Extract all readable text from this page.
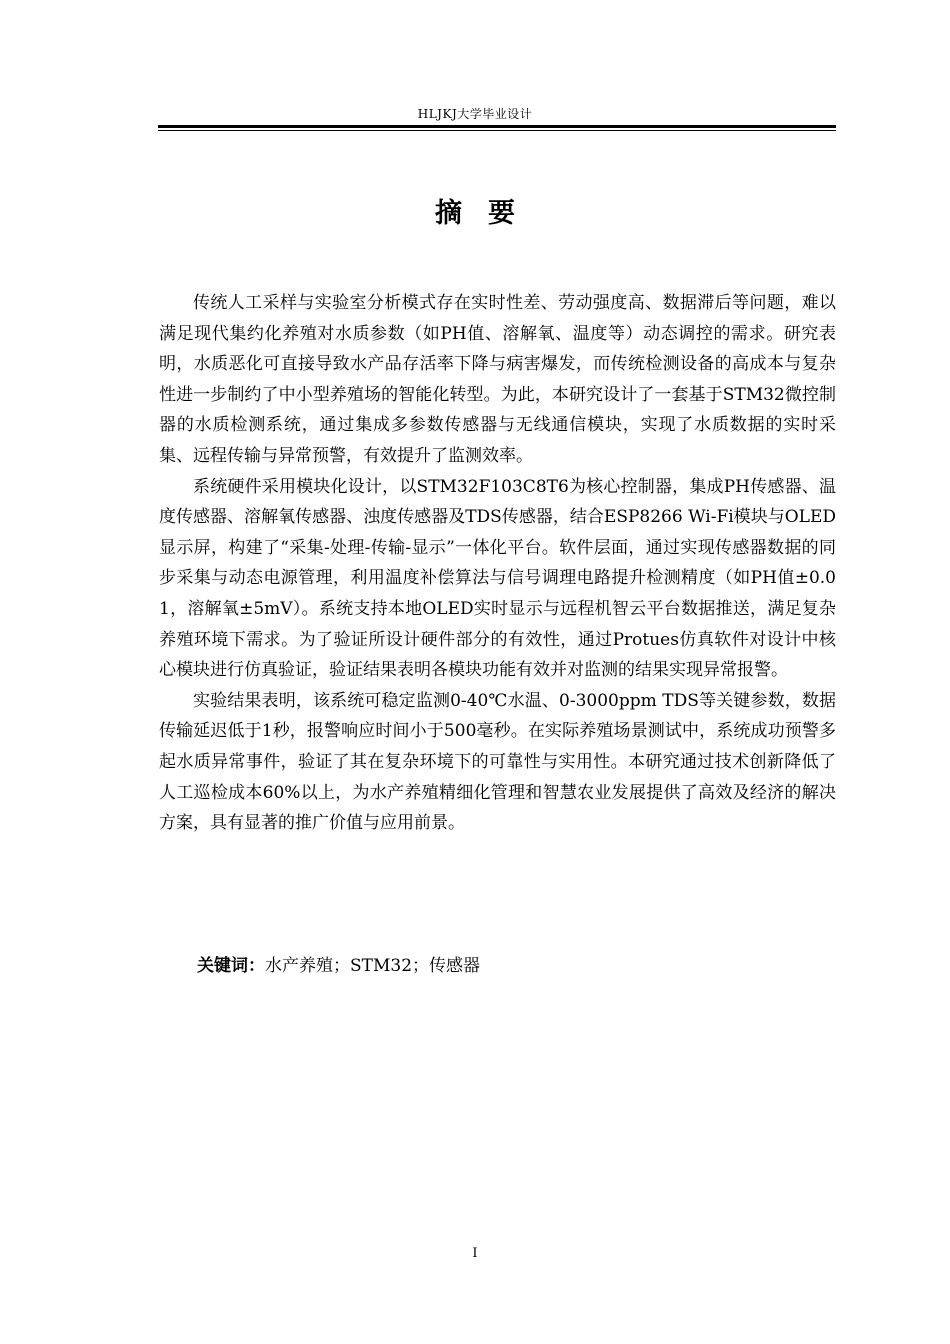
HLJKJ大学毕业设计
摘要

传统人工采样与实验室分析模式存在实时性差、劳动强度高、数据滞后等问题，难以满足现代集约化养殖对水质参数（如PH值、溶解氧、温度等）动态调控的需求。研究表明，水质恶化可直接导致水产品存活率下降与病害爆发，而传统检测设备的高成本与复杂性进一步制约了中小型养殖场的智能化转型。为此，本研究设计了一套基于STM32微控制器的水质检测系统，通过集成多参数传感器与无线通信模块，实现了水质数据的实时采集、远程传输与异常预警，有效提升了监测效率。

系统硬件采用模块化设计，以STM32F103C8T6为核心控制器，集成PH传感器、温度传感器、溶解氧传感器、浊度传感器及TDS传感器，结合ESP8266 Wi-Fi模块与OLED显示屏，构建了“采集-处理-传输-显示”一体化平台。软件层面，通过实现传感器数据的同步采集与动态电源管理，利用温度补偿算法与信号调理电路提升检测精度（如PH值±0.01，溶解氧±5mV）。系统支持本地OLED实时显示与远程机智云平台数据推送，满足复杂养殖环境下需求。为了验证所设计硬件部分的有效性，通过Protues仿真软件对设计中核心模块进行仿真验证，验证结果表明各模块功能有效并对监测的结果实现异常报警。

实验结果表明，该系统可稳定监测0-40℃水温、0-3000ppm TDS等关键参数，数据传输延迟低于1秒，报警响应时间小于500毫秒。在实际养殖场景测试中，系统成功预警多起水质异常事件，验证了其在复杂环境下的可靠性与实用性。本研究通过技术创新降低了人工巡检成本60%以上，为水产养殖精细化管理和智慧农业发展提供了高效及经济的解决方案，具有显著的推广价值与应用前景。

关键词：水产养殖；STM32；传感器
I
